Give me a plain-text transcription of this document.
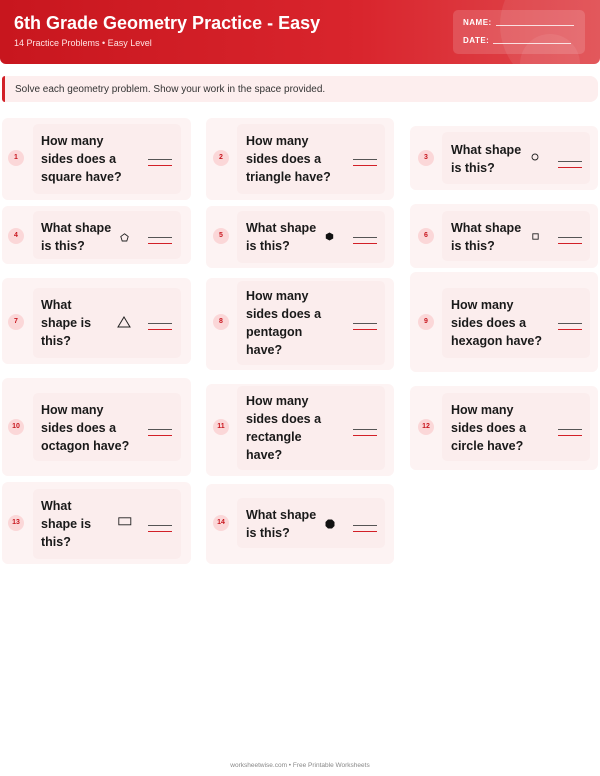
6th Grade Geometry Practice - Easy
14 Practice Problems • Easy Level
NAME:
DATE:
Solve each geometry problem. Show your work in the space provided.
1
How many
sides does a
square have?
2
How many
sides does a
triangle have?
3
What shape
is this?
4
What shape
is this?
5
What shape
is this?
6
What shape
is this?
7
What
shape is
this?
8
How many
sides does a
pentagon
have?
9
How many
sides does a
hexagon have?
10
How many
sides does a
octagon have?
11
How many
sides does a
rectangle
have?
12
How many
sides does a
circle have?
13
What
shape is
this?
14
What shape
is this?
worksheetwise.com • Free Printable Worksheets
